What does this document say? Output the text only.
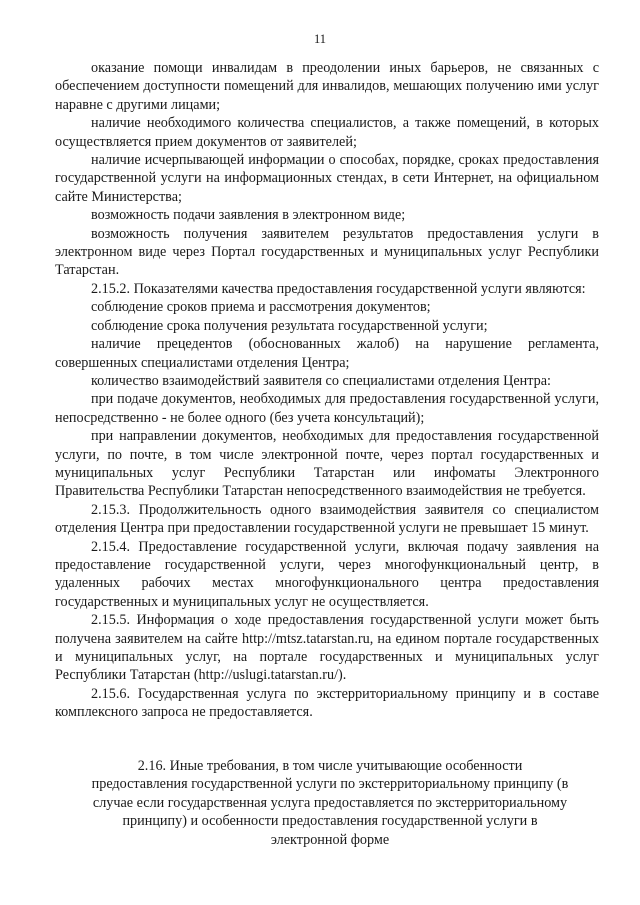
11

оказание помощи инвалидам в преодолении иных барьеров, не связанных с обеспечением доступности помещений для инвалидов, мешающих получению ими услуг наравне с другими лицами;

наличие необходимого количества специалистов, а также помещений, в которых осуществляется прием документов от заявителей;

наличие исчерпывающей информации о способах, порядке, сроках предоставления государственной услуги на информационных стендах, в сети Интернет, на официальном сайте Министерства;

возможность подачи заявления в электронном виде;

возможность получения заявителем результатов предоставления услуги в электронном виде через Портал государственных и муниципальных услуг Республики Татарстан.

2.15.2. Показателями качества предоставления государственной услуги являются:

соблюдение сроков приема и рассмотрения документов;

соблюдение срока получения результата государственной услуги;

наличие прецедентов (обоснованных жалоб) на нарушение регламента, совершенных специалистами отделения Центра;

количество взаимодействий заявителя со специалистами отделения Центра:

при подаче документов, необходимых для предоставления государственной услуги, непосредственно - не более одного (без учета консультаций);

при направлении документов, необходимых для предоставления государственной услуги, по почте, в том числе электронной почте, через портал государственных и муниципальных услуг Республики Татарстан или инфоматы Электронного Правительства Республики Татарстан непосредственного взаимодействия не требуется.

2.15.3. Продолжительность одного взаимодействия заявителя со специалистом отделения Центра при предоставлении государственной услуги не превышает 15 минут.

2.15.4. Предоставление государственной услуги, включая подачу заявления на предоставление государственной услуги, через многофункциональный центр, в удаленных рабочих местах многофункционального центра предоставления государственных и муниципальных услуг не осуществляется.

2.15.5. Информация о ходе предоставления государственной услуги может быть получена заявителем на сайте http://mtsz.tatarstan.ru, на едином портале государственных и муниципальных услуг, на портале государственных и муниципальных услуг Республики Татарстан (http://uslugi.tatarstan.ru/).

2.15.6. Государственная услуга по экстерриториальному принципу и в составе комплексного запроса не предоставляется.

2.16. Иные требования, в том числе учитывающие особенности предоставления государственной услуги по экстерриториальному принципу (в случае если государственная услуга предоставляется по экстерриториальному принципу) и особенности предоставления государственной услуги в электронной форме
